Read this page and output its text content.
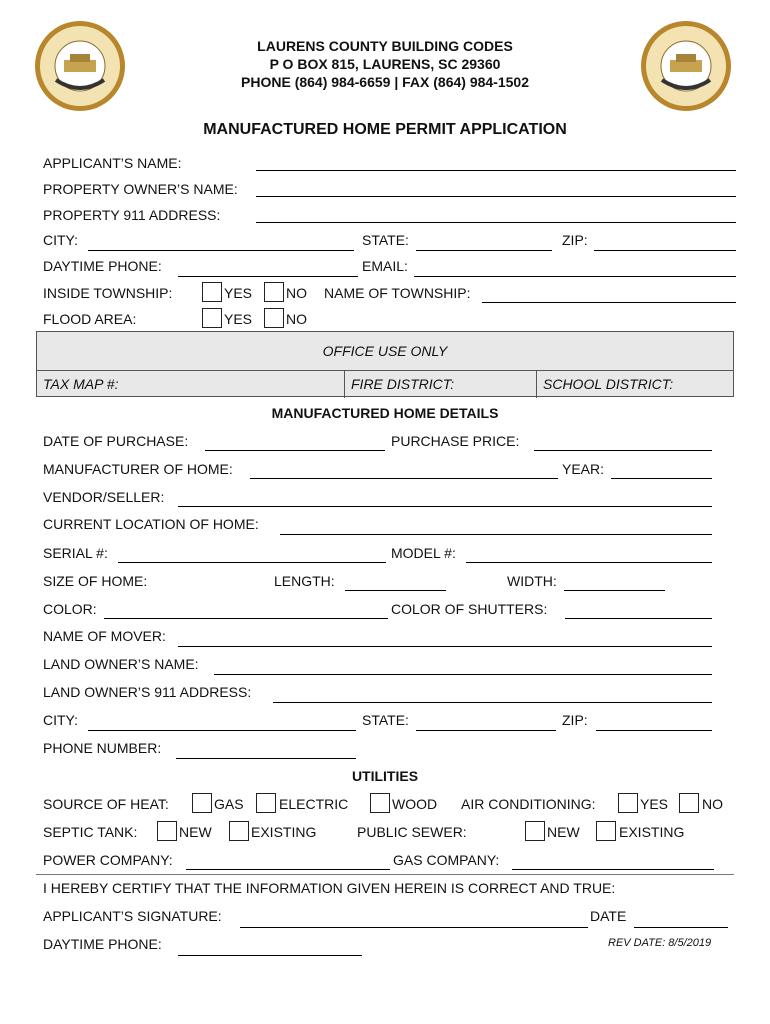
LAURENS COUNTY BUILDING CODES
P O BOX 815, LAURENS, SC 29360
PHONE (864) 984-6659 | FAX (864) 984-1502
MANUFACTURED HOME PERMIT APPLICATION
APPLICANT’S NAME:
PROPERTY OWNER’S NAME:
PROPERTY 911 ADDRESS:
CITY:	STATE:	ZIP:
DAYTIME PHONE:	EMAIL:
INSIDE TOWNSHIP:	YES NO NAME OF TOWNSHIP:
FLOOD AREA:	YES NO
OFFICE USE ONLY
TAX MAP #:	FIRE DISTRICT:	SCHOOL DISTRICT:
MANUFACTURED HOME DETAILS
DATE OF PURCHASE:	PURCHASE PRICE:
MANUFACTURER OF HOME:	YEAR:
VENDOR/SELLER:
CURRENT LOCATION OF HOME:
SERIAL #:	MODEL #:
SIZE OF HOME:	LENGTH:	WIDTH:
COLOR:	COLOR OF SHUTTERS:
NAME OF MOVER:
LAND OWNER’S NAME:
LAND OWNER’S 911 ADDRESS:
CITY:	STATE:	ZIP:
PHONE NUMBER:
UTILITIES
SOURCE OF HEAT:	GAS	ELECTRIC	WOOD AIR CONDITIONING:	YES NO
SEPTIC TANK:	NEW	EXISTING	PUBLIC SEWER:	NEW	EXISTING
POWER COMPANY:	GAS COMPANY:
I HEREBY CERTIFY THAT THE INFORMATION GIVEN HEREIN IS CORRECT AND TRUE:
APPLICANT’S SIGNATURE:	DATE
DAYTIME PHONE:	REV DATE: 8/5/2019
